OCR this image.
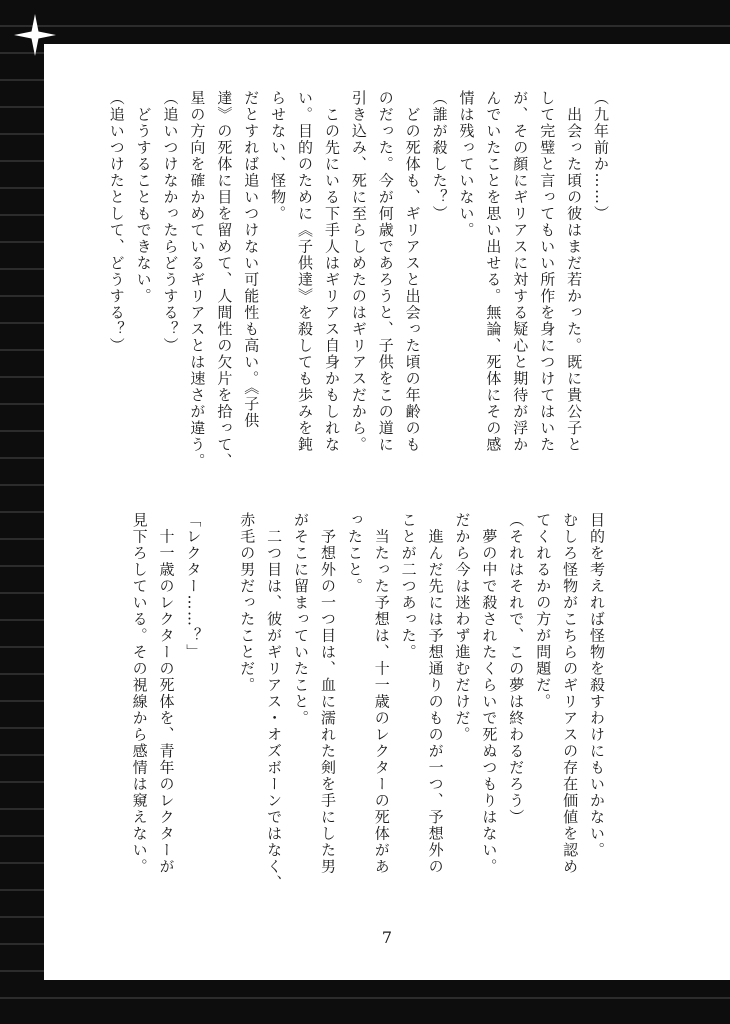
（九年前か……）
　出会った頃の彼はまだ若かった。既に貴公子と
して完璧と言ってもいい所作を身につけてはいた
が、その顔にギリアスに対する疑心と期待が浮か
んでいたことを思い出せる。無論、死体にその感
情は残っていない。
（誰が殺した？）
　どの死体も、ギリアスと出会った頃の年齢のも
のだった。今が何歳であろうと、子供をこの道に
引き込み、死に至らしめたのはギリアスだから。
　この先にいる下手人はギリアス自身かもしれな
い。目的のために《子供達》を殺しても歩みを鈍
らせない、怪物。
だとすれば追いつけない可能性も高い。《子供
達》の死体に目を留めて、人間性の欠片を拾って、
星の方向を確かめているギリアスとは速さが違う。
（追いつけなかったらどうする？）
　どうすることもできない。
（追いつけたとして、どうする？）
目的を考えれば怪物を殺すわけにもいかない。
むしろ怪物がこちらのギリアスの存在価値を認め
てくれるかの方が問題だ。
（それはそれで、この夢は終わるだろう）
　夢の中で殺されたくらいで死ぬつもりはない。
だから今は迷わず進むだけだ。
　進んだ先には予想通りのものが一つ、予想外の
ことが二つあった。
　当たった予想は、十一歳のレクターの死体があ
ったこと。
　予想外の一つ目は、血に濡れた剣を手にした男
がそこに留まっていたこと。
　二つ目は、彼がギリアス・オズボーンではなく、
赤毛の男だったことだ。

「レクター……？」
　十一歳のレクターの死体を、青年のレクターが
見下ろしている。その視線から感情は窺えない。
7
